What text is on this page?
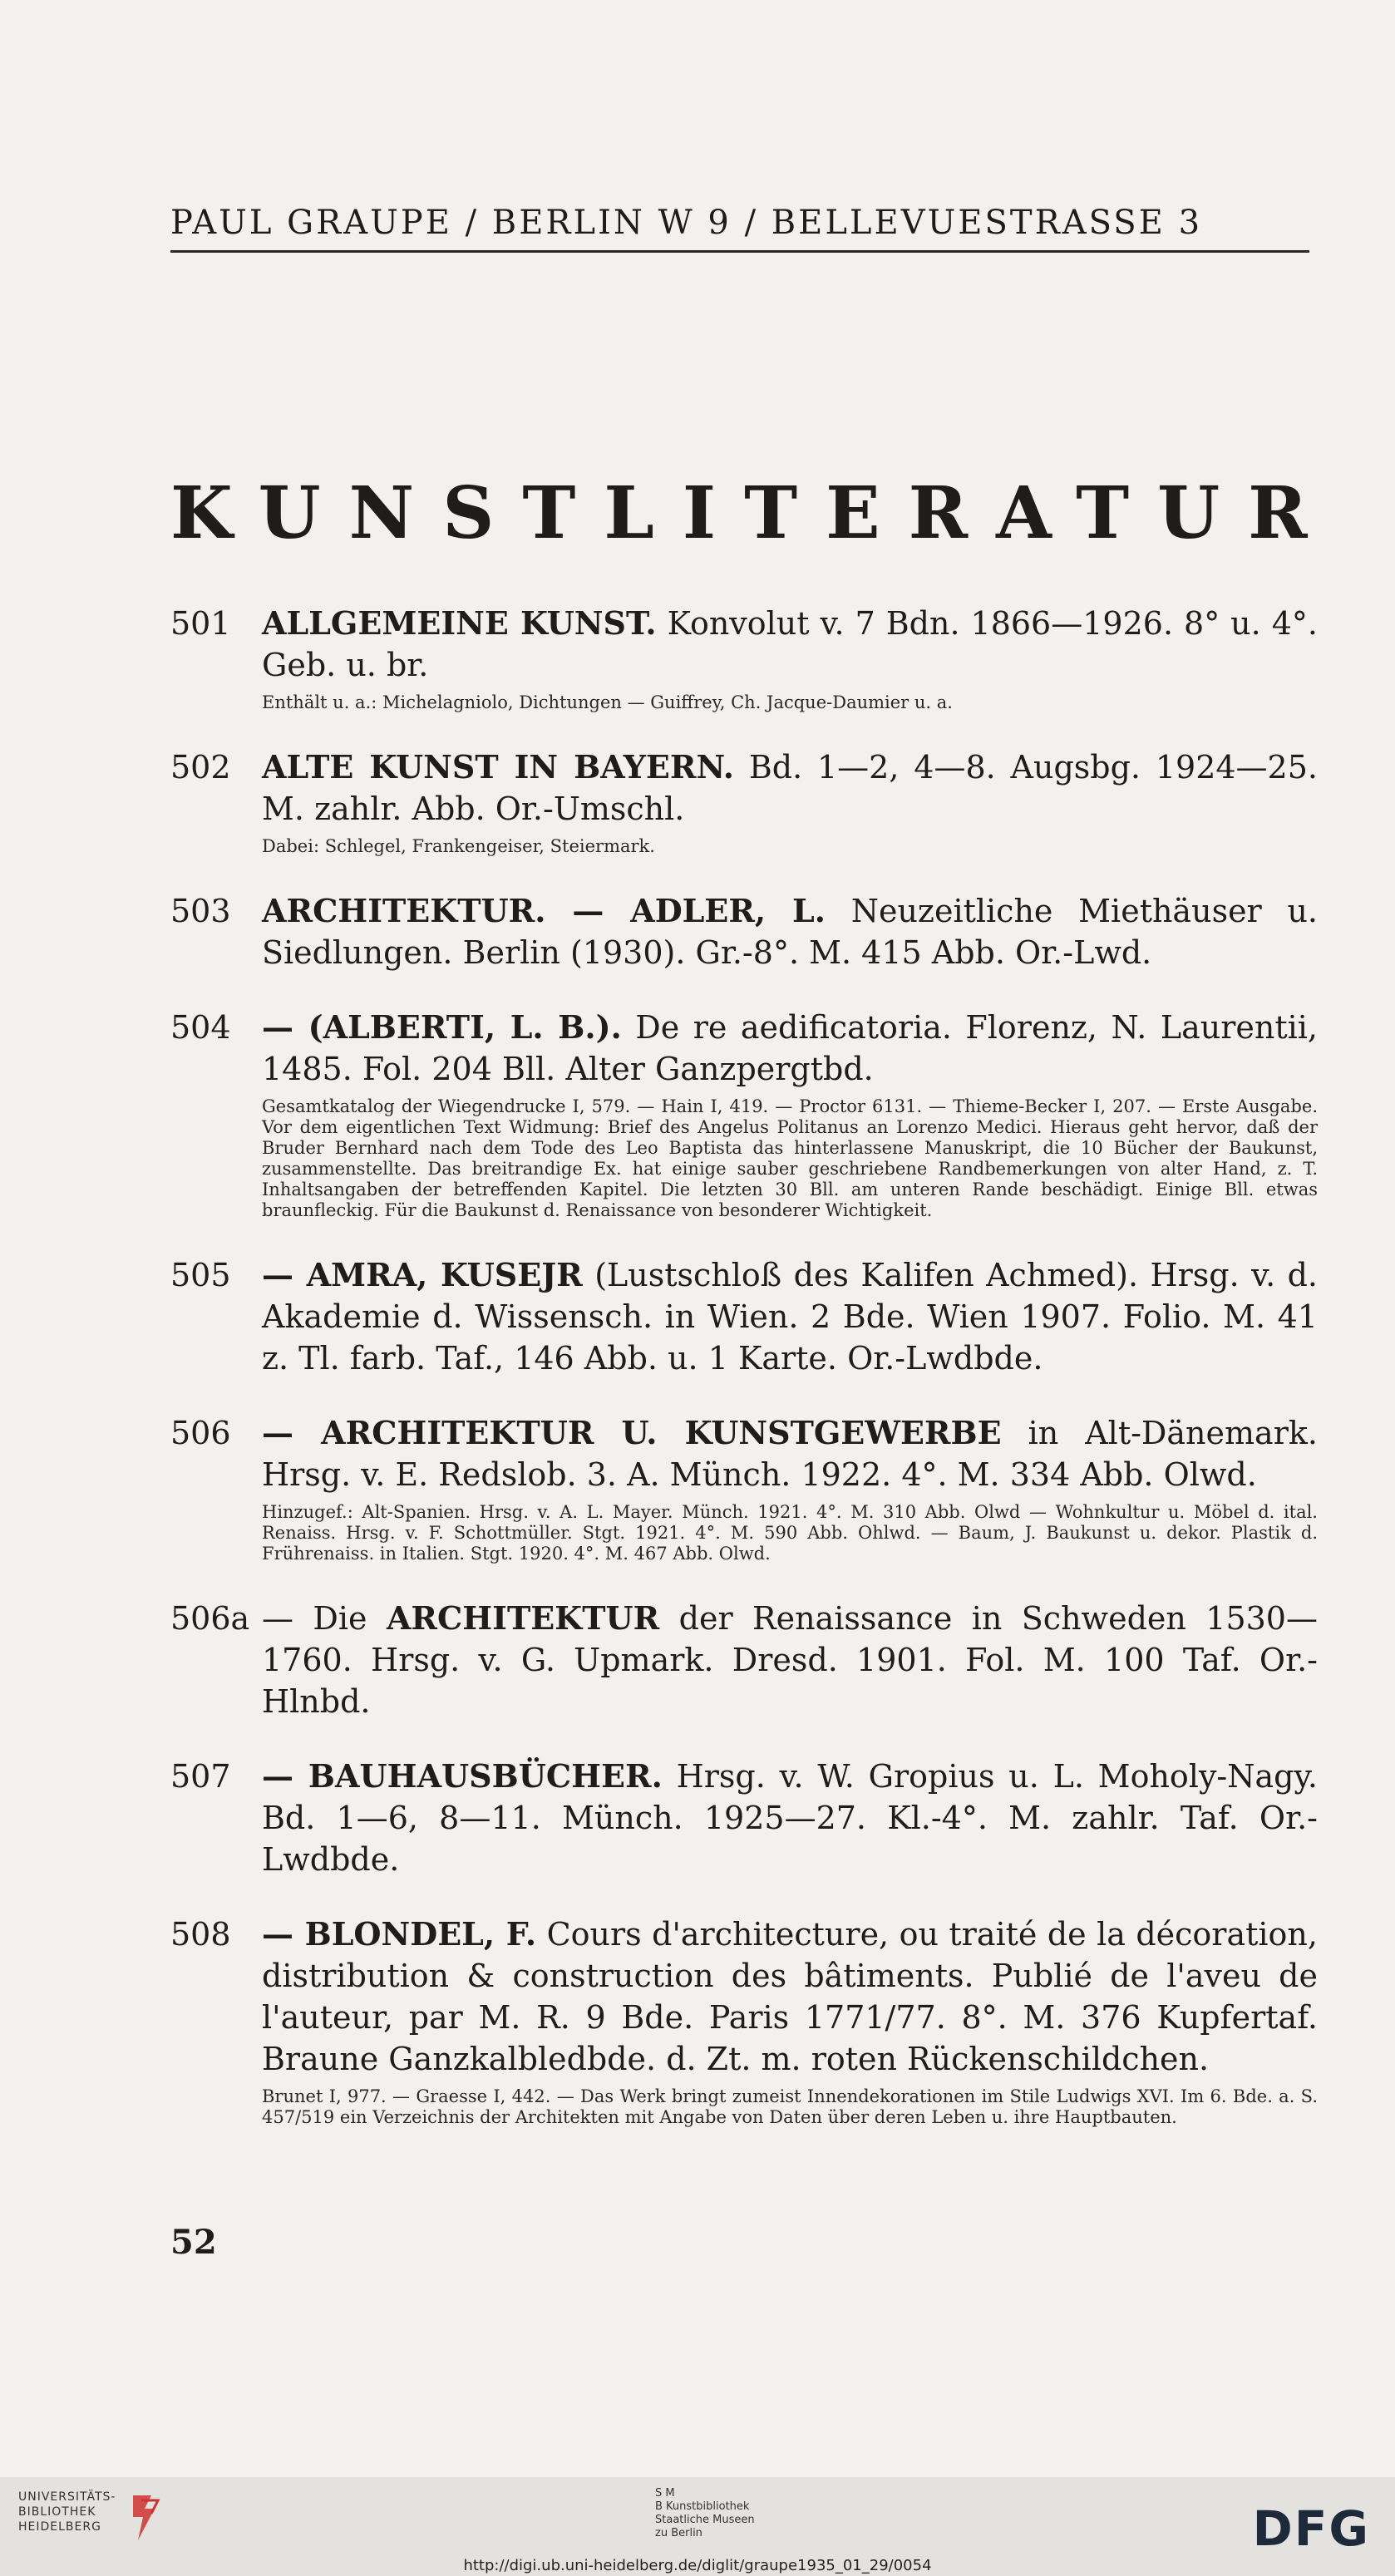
PAUL GRAUPE / BERLIN W 9 / BELLEVUESTRASSE 3
KUNSTLITERATUR
501 ALLGEMEINE KUNST. Konvolut v. 7 Bdn. 1866—1926. 8° u. 4°. Geb. u. br.
Enthält u. a.: Michelagniolo, Dichtungen — Guiffrey, Ch. Jacque-Daumier u. a.
502 ALTE KUNST IN BAYERN. Bd. 1—2, 4—8. Augsbg. 1924—25. M. zahlr. Abb. Or.-Umschl.
Dabei: Schlegel, Frankengeiser, Steiermark.
503 ARCHITEKTUR. — ADLER, L. Neuzeitliche Miethäuser u. Siedlungen. Berlin (1930). Gr.-8°. M. 415 Abb. Or.-Lwd.
504 — (ALBERTI, L. B.). De re aedificatoria. Florenz, N. Laurentii, 1485. Fol. 204 Bll. Alter Ganzpergtbd.
Gesamtkatalog der Wiegendrucke I, 579. — Hain I, 419. — Proctor 6131. — Thieme-Becker I, 207. — Erste Ausgabe. Vor dem eigentlichen Text Widmung: Brief des Angelus Politanus an Lorenzo Medici. Hieraus geht hervor, daß der Bruder Bernhard nach dem Tode des Leo Baptista das hinterlassene Manuskript, die 10 Bücher der Baukunst, zusammenstellte. Das breitrandige Ex. hat einige sauber geschriebene Randbemerkungen von alter Hand, z. T. Inhaltsangaben der betreffenden Kapitel. Die letzten 30 Bll. am unteren Rande beschädigt. Einige Bll. etwas braunfleckig. Für die Baukunst d. Renaissance von besonderer Wichtigkeit.
505 — AMRA, KUSEJR (Lustschloß des Kalifen Achmed). Hrsg. v. d. Akademie d. Wissensch. in Wien. 2 Bde. Wien 1907. Folio. M. 41 z. Tl. farb. Taf., 146 Abb. u. 1 Karte. Or.-Lwdbde.
506 — ARCHITEKTUR U. KUNSTGEWERBE in Alt-Dänemark. Hrsg. v. E. Redslob. 3. A. Münch. 1922. 4°. M. 334 Abb. Olwd.
Hinzugef.: Alt-Spanien. Hrsg. v. A. L. Mayer. Münch. 1921. 4°. M. 310 Abb. Olwd — Wohnkultur u. Möbel d. ital. Renaiss. Hrsg. v. F. Schottmüller. Stgt. 1921. 4°. M. 590 Abb. Ohlwd. — Baum, J. Baukunst u. dekor. Plastik d. Frührenaiss. in Italien. Stgt. 1920. 4°. M. 467 Abb. Olwd.
506a — Die ARCHITEKTUR der Renaissance in Schweden 1530—1760. Hrsg. v. G. Upmark. Dresd. 1901. Fol. M. 100 Taf. Or.-Hlnbd.
507 — BAUHAUSBÜCHER. Hrsg. v. W. Gropius u. L. Moholy-Nagy. Bd. 1—6, 8—11. Münch. 1925—27. Kl.-4°. M. zahlr. Taf. Or.-Lwdbde.
508 — BLONDEL, F. Cours d'architecture, ou traité de la décoration, distribution & construction des bâtiments. Publié de l'aveu de l'auteur, par M. R. 9 Bde. Paris 1771/77. 8°. M. 376 Kupfertaf. Braune Ganzkalbledbde. d. Zt. m. roten Rückenschildchen.
Brunet I, 977. — Graesse I, 442. — Das Werk bringt zumeist Innendekorationen im Stile Ludwigs XVI. Im 6. Bde. a. S. 457/519 ein Verzeichnis der Architekten mit Angabe von Daten über deren Leben u. ihre Hauptbauten.
52
UNIVERSITÄTS-
BIBLIOTHEK
HEIDELBERG
S M
B Kunstbibliothek
Staatliche Museen
zu Berlin	DFG
http://digi.ub.uni-heidelberg.de/diglit/graupe1935_01_29/0054
